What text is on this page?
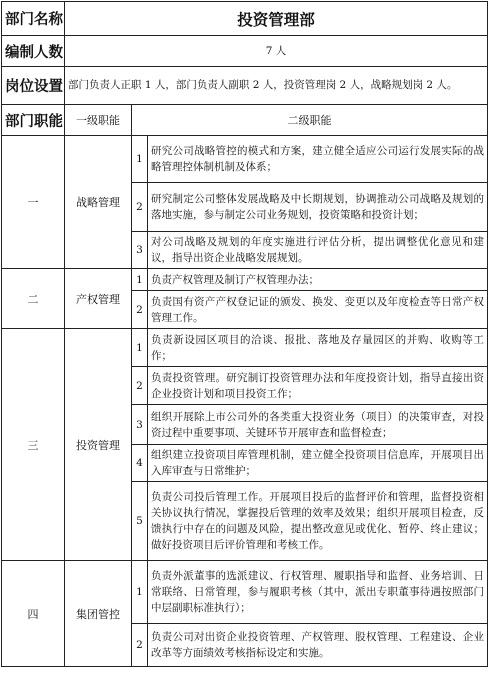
部门名称	投资管理部		
编制人数	7 人		
岗位设置	部门负责人正职 1 人，部门负责人副职 2 人，投资管理岗 2 人，战略规划岗 2 人。		
部门职能	一级职能	二级职能	
一	战略管理	1	研究公司战略管控的模式和方案，建立健全适应公司运行发展实际的战略管理控体制机制及体系；
		2	研究制定公司整体发展战略及中长期规划，协调推动公司战略及规划的落地实施，参与制定公司业务规划，投资策略和投资计划；
		3	对公司战略及规划的年度实施进行评估分析，提出调整优化意见和建议，指导出资企业战略发展规划。
二	产权管理	1	负责产权管理及制订产权管理办法；
		2	负责国有资产产权登记证的颁发、换发、变更以及年度检查等日常产权管理工作。
三	投资管理	1	负责新设园区项目的洽谈、报批、落地及存量园区的并购、收购等工作；
		2	负责投资管理。研究制订投资管理办法和年度投资计划，指导直接出资企业投资计划和项目投资工作；
		3	组织开展除上市公司外的各类重大投资业务（项目）的决策审查，对投资过程中重要事项、关键环节开展审查和监督检查；
		4	组织建立投资项目库管理机制，建立健全投资项目信息库，开展项目出入库审查与日常维护；
		5	负责公司投后管理工作。开展项目投后的监督评价和管理，监督投资相关协议执行情况，掌握投后管理的效率及效果；组织开展项目检查，反馈执行中存在的问题及风险，提出整改意见或优化、暂停、终止建议；做好投资项目后评价管理和考核工作。
四	集团管控	1	负责外派董事的选派建议、行权管理、履职指导和监督、业务培训、日常联络、日常管理，参与履职考核（其中，派出专职董事待遇按照部门中层副职标准执行）；
		2	负责公司对出资企业投资管理、产权管理、股权管理、工程建设、企业改革等方面绩效考核指标设定和实施。
